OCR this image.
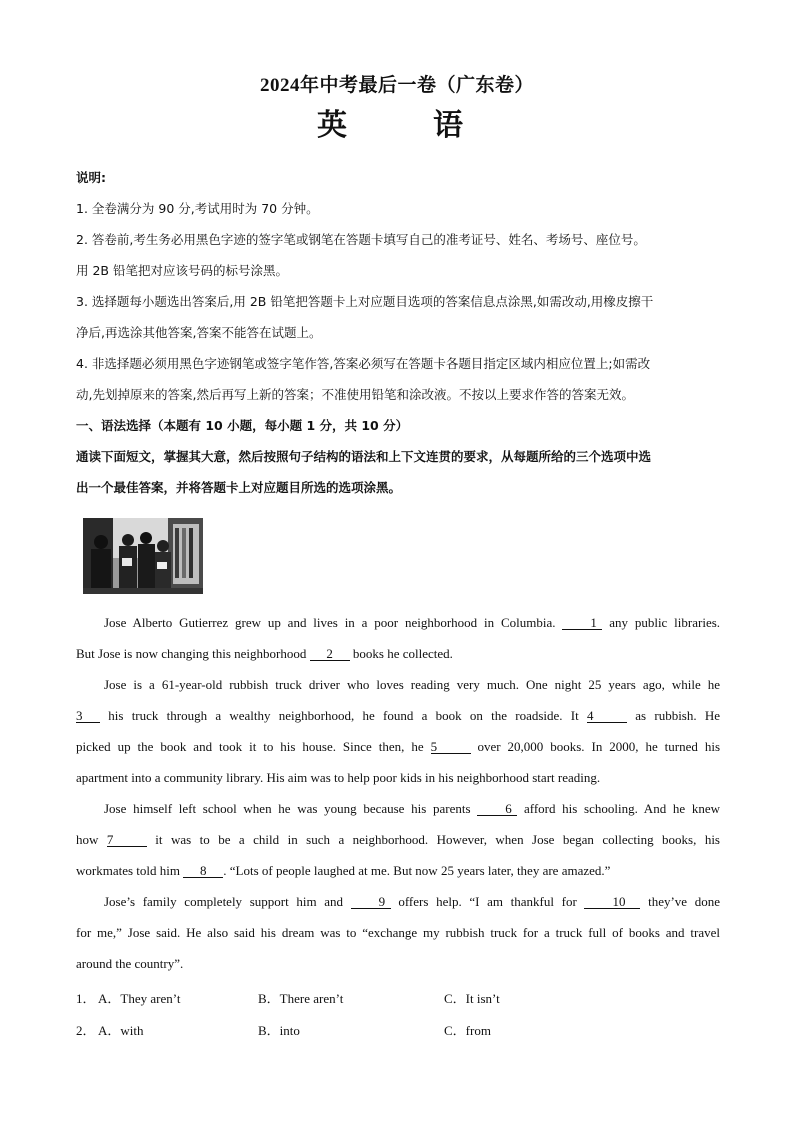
2024年中考最后一卷（广东卷）
英　语
说明:
1. 全卷满分为 90 分,考试用时为 70 分钟。
2. 答卷前,考生务必用黑色字迹的签字笔或钢笔在答题卡填写自己的准考证号、姓名、考场号、座位号。
用 2B 铅笔把对应该号码的标号涂黑。
3. 选择题每小题选出答案后,用 2B 铅笔把答题卡上对应题目选项的答案信息点涂黑,如需改动,用橡皮擦干
净后,再选涂其他答案,答案不能答在试题上。
4. 非选择题必须用黑色字迹钢笔或签字笔作答,答案必须写在答题卡各题目指定区域内相应位置上;如需改
动,先划掉原来的答案,然后再写上新的答案；不准使用铅笔和涂改液。不按以上要求作答的答案无效。
一、语法选择（本题有 10 小题，每小题 1 分，共 10 分）
通读下面短文，掌握其大意，然后按照句子结构的语法和上下文连贯的要求，从每题所给的三个选项中选
出一个最佳答案，并将答题卡上对应题目所选的选项涂黑。
Jose Alberto Gutierrez grew up and lives in a poor neighborhood in Columbia.	1 any public libraries.
But Jose is now changing this neighborhood 2 books he collected.
Jose is a 61-year-old rubbish truck driver who loves reading very much. One night 25 years ago, while he
3 his truck through a wealthy neighborhood, he found a book on the roadside. It 4	as rubbish. He
picked up the book and took it to his house. Since then, he 5	over 20,000 books. In 2000, he turned his
apartment into a community library. His aim was to help poor kids in his neighborhood start reading.
Jose himself left school when he was young because his parents	6 afford his schooling. And he knew
how 7	it was to be a child in such a neighborhood. However, when Jose began collecting books, his
workmates told him 8 . “Lots of people laughed at me. But now 25 years later, they are amazed.”
Jose’s family completely support him and	9 offers help. “I am thankful for	10 they’ve done
for me,” Jose said. He also said his dream was to “exchange my rubbish truck for a truck full of books and travel
around the country”.
1． A．They aren’t	B．There aren’t	C．It isn’t
2． A．with	B．into	C．from
